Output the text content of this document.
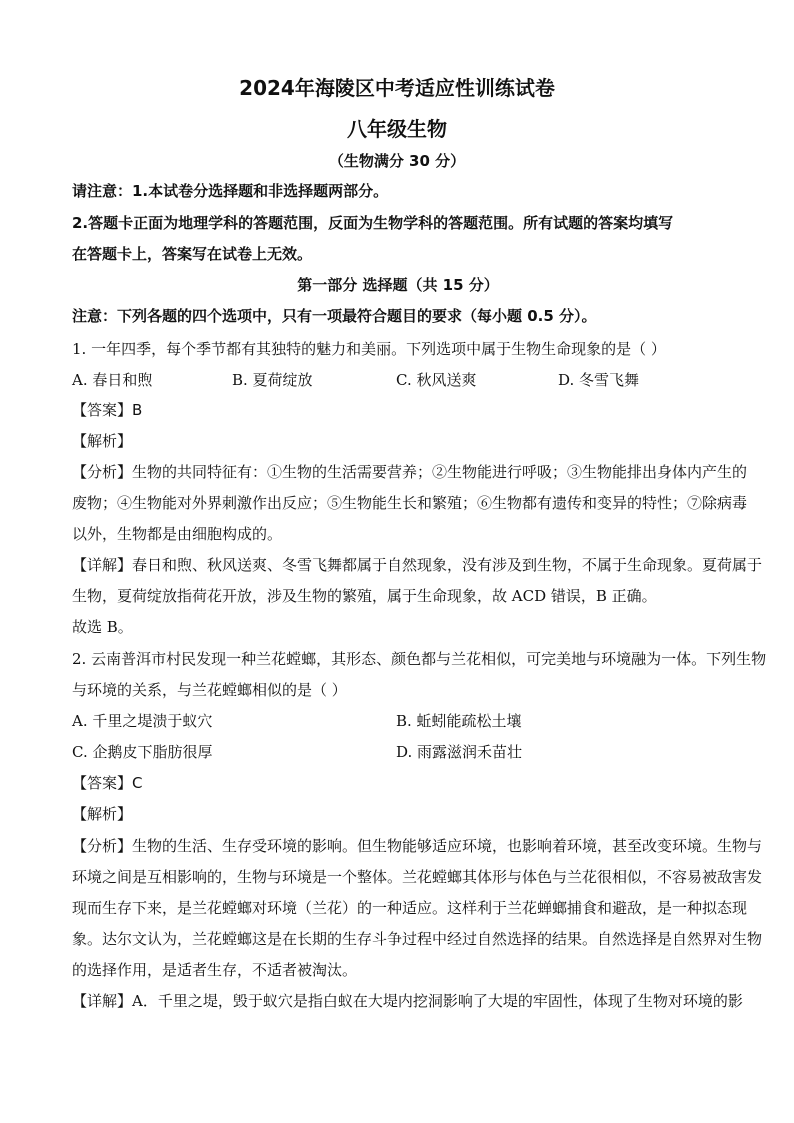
2024年海陵区中考适应性训练试卷
八年级生物
（生物满分 30 分）
请注意：1.本试卷分选择题和非选择题两部分。
2.答题卡正面为地理学科的答题范围，反面为生物学科的答题范围。所有试题的答案均填写
在答题卡上，答案写在试卷上无效。
第一部分 选择题（共 15 分）
注意：下列各题的四个选项中，只有一项最符合题目的要求（每小题 0.5 分）。
1. 一年四季，每个季节都有其独特的魅力和美丽。下列选项中属于生物生命现象的是（ ）
A. 春日和煦	B. 夏荷绽放	C. 秋风送爽	D. 冬雪飞舞
【答案】B
【解析】
【分析】生物的共同特征有：①生物的生活需要营养；②生物能进行呼吸；③生物能排出身体内产生的
废物；④生物能对外界刺激作出反应；⑤生物能生长和繁殖；⑥生物都有遗传和变异的特性；⑦除病毒
以外，生物都是由细胞构成的。
【详解】春日和煦、秋风送爽、冬雪飞舞都属于自然现象，没有涉及到生物，不属于生命现象。夏荷属于
生物，夏荷绽放指荷花开放，涉及生物的繁殖，属于生命现象，故 ACD 错误，B 正确。
故选 B。
2. 云南普洱市村民发现一种兰花螳螂，其形态、颜色都与兰花相似，可完美地与环境融为一体。下列生物
与环境的关系，与兰花螳螂相似的是（ ）
A. 千里之堤溃于蚁穴	B. 蚯蚓能疏松土壤
C. 企鹅皮下脂肪很厚	D. 雨露滋润禾苗壮
【答案】C
【解析】
【分析】生物的生活、生存受环境的影响。但生物能够适应环境，也影响着环境，甚至改变环境。生物与
环境之间是互相影响的，生物与环境是一个整体。兰花螳螂其体形与体色与兰花很相似，不容易被敌害发
现而生存下来，是兰花螳螂对环境（兰花）的一种适应。这样利于兰花蝉螂捕食和避敌，是一种拟态现
象。达尔文认为，兰花螳螂这是在长期的生存斗争过程中经过自然选择的结果。自然选择是自然界对生物
的选择作用，是适者生存，不适者被淘汰。
【详解】A．千里之堤，毁于蚁穴是指白蚁在大堤内挖洞影响了大堤的牢固性，体现了生物对环境的影
